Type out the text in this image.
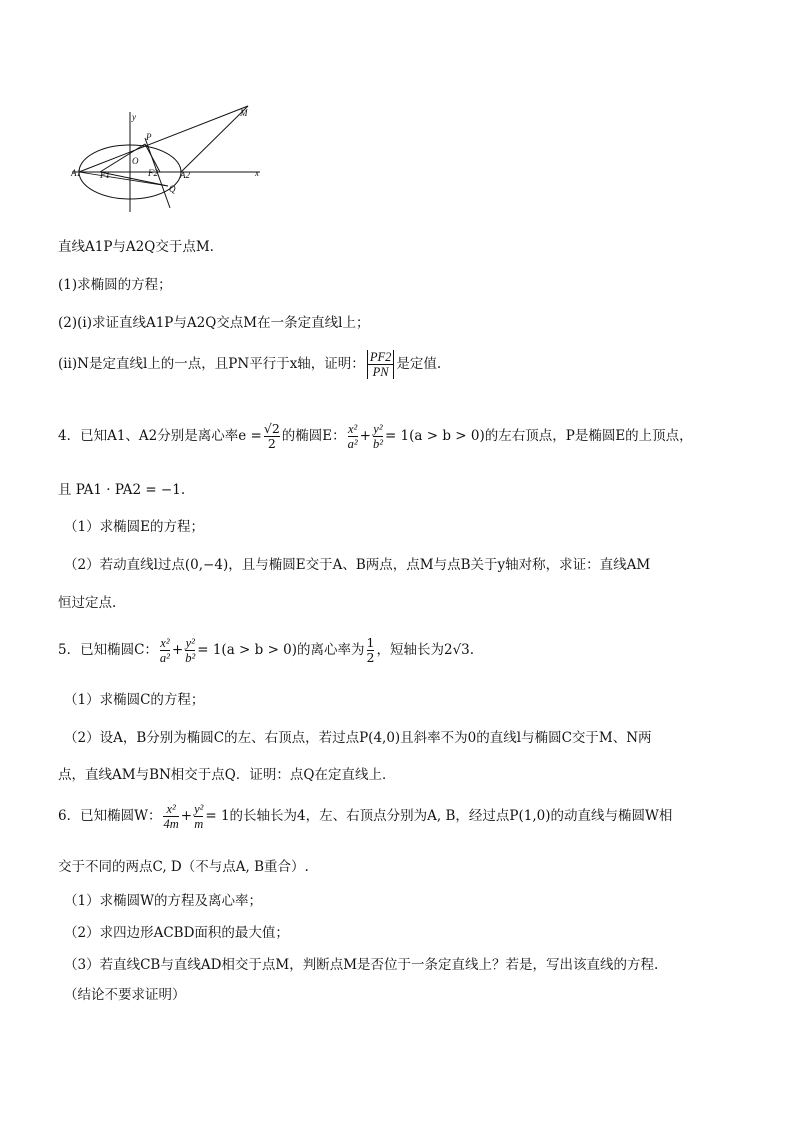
y
x
O
P
M
A1	A2
F1	F2
Q
直线A1P与A2Q交于点M.
(1)求椭圆的方程；
(2)(ⅰ)求证直线A1P与A2Q交点M在一条定直线l上；
(ⅱ)N是定直线l上的一点，且PN平行于x轴，证明： $\frac{PF2}{PN}$ 是定值.
4．已知A1、A2分别是离心率$e = \frac{√2}{2}$ 的椭圆E： $\frac{\text{x²}}{\text{a²}} + \frac{\text{y²}}{\text{b²}} = 1(a > b > 0)$的左右顶点，P是椭圆E的上顶点，
且 PA1 · PA2 = −1.
（1）求椭圆E的方程；
（2）若动直线l过点(0,−4)，且与椭圆E交于A、B两点，点M与点B关于y轴对称，求证：直线AM
恒过定点.
5．已知椭圆C： $\frac{\text{x²}}{\text{a²}} + \frac{\text{y²}}{\text{b²}} = 1(a > b > 0)$的离心率为 $\frac{1}{2}$ ，短轴长为2√3.
（1）求椭圆C的方程；
（2）设A，B分别为椭圆C的左、右顶点，若过点P(4,0)且斜率不为0的直线l与椭圆C交于M、N两
点，直线AM与BN相交于点Q．证明：点Q在定直线上．
6．已知椭圆W： $\frac{\text{x²}}{4m} + \frac{\text{y²}}{m} = 1$的长轴长为4，左、右顶点分别为A, B，经过点P(1,0)的动直线与椭圆W相
交于不同的两点C, D（不与点A, B重合）.
（1）求椭圆W的方程及离心率；
（2）求四边形ACBD面积的最大值；
（3）若直线CB与直线AD相交于点M，判断点M是否位于一条定直线上？若是，写出该直线的方程.
（结论不要求证明）
